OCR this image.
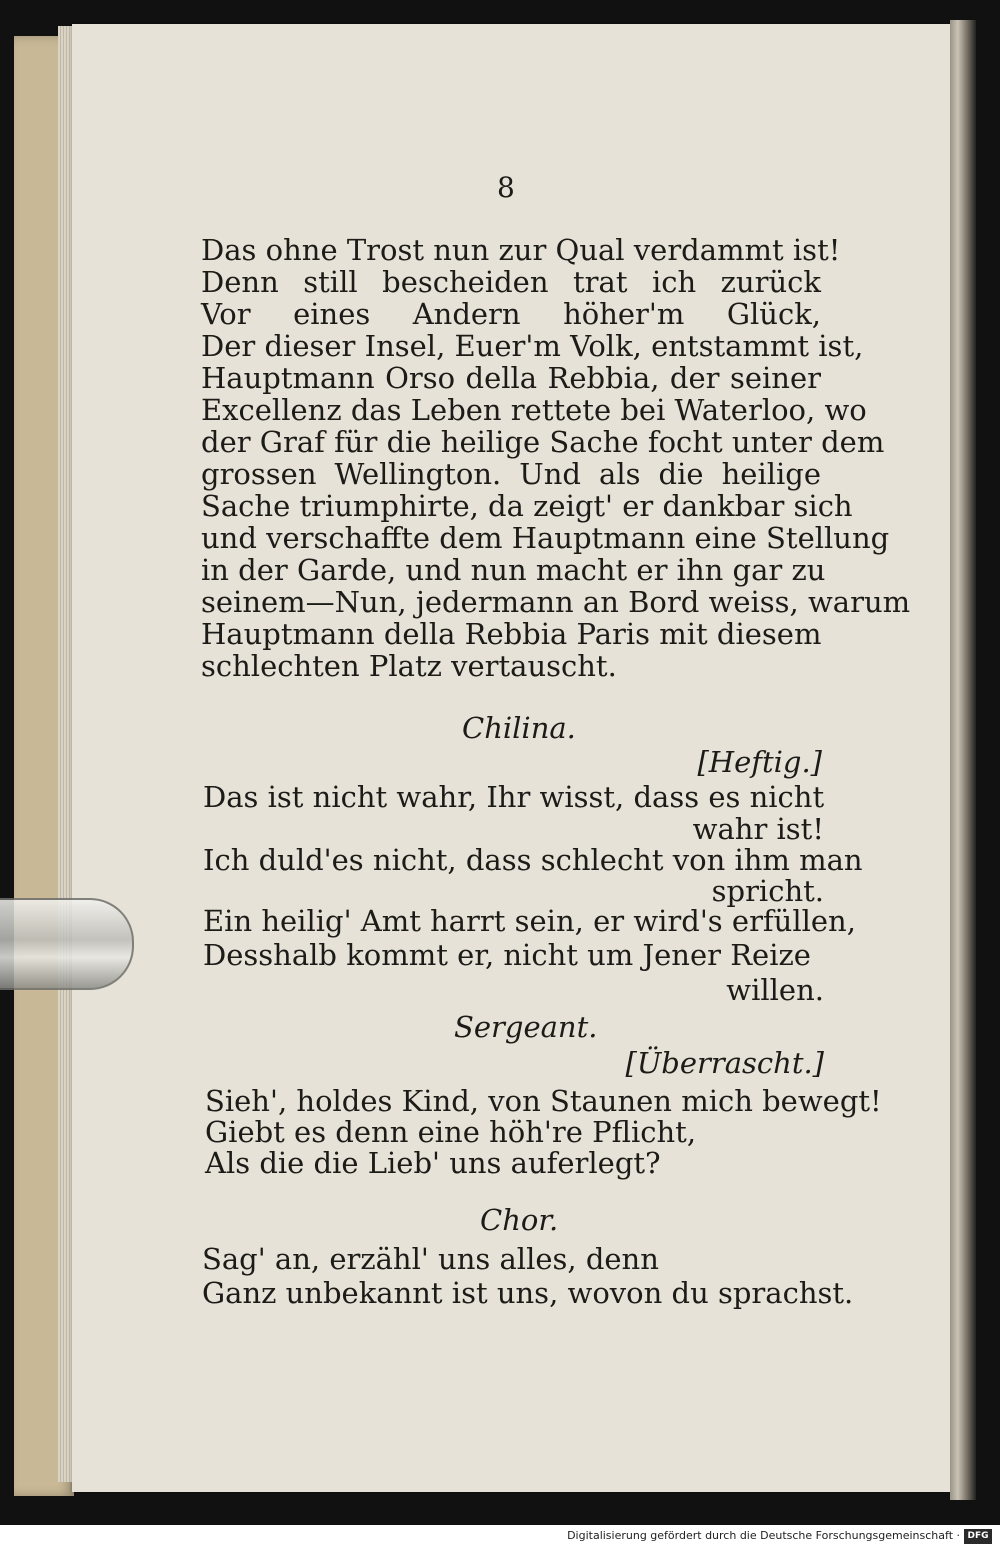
8
Das ohne Trost nun zur Qual verdammt ist!
Denn still bescheiden trat ich zurück
Vor eines Andern höher'm Glück,
Der dieser Insel, Euer'm Volk, entstammt ist,
Hauptmann Orso della Rebbia, der seiner
Excellenz das Leben rettete bei Waterloo, wo
der Graf für die heilige Sache focht unter dem
grossen Wellington. Und als die heilige
Sache triumphirte, da zeigt' er dankbar sich
und verschaffte dem Hauptmann eine Stellung
in der Garde, und nun macht er ihn gar zu
seinem—Nun, jedermann an Bord weiss, warum
Hauptmann della Rebbia Paris mit diesem
schlechten Platz vertauscht.
Chilina.
[Heftig.]
Das ist nicht wahr, Ihr wisst, dass es nicht
wahr ist!
Ich duld'es nicht, dass schlecht von ihm man
spricht.
Ein heilig' Amt harrt sein, er wird's erfüllen,
Desshalb kommt er, nicht um Jener Reize
willen.
Sergeant.
[Überrascht.]
Sieh', holdes Kind, von Staunen mich bewegt!
Giebt es denn eine höh're Pflicht,
Als die die Lieb' uns auferlegt?
Chor.
Sag' an, erzähl' uns alles, denn
Ganz unbekannt ist uns, wovon du sprachst.
Digitalisierung gefördert durch die Deutsche Forschungsgemeinschaft · DFG
